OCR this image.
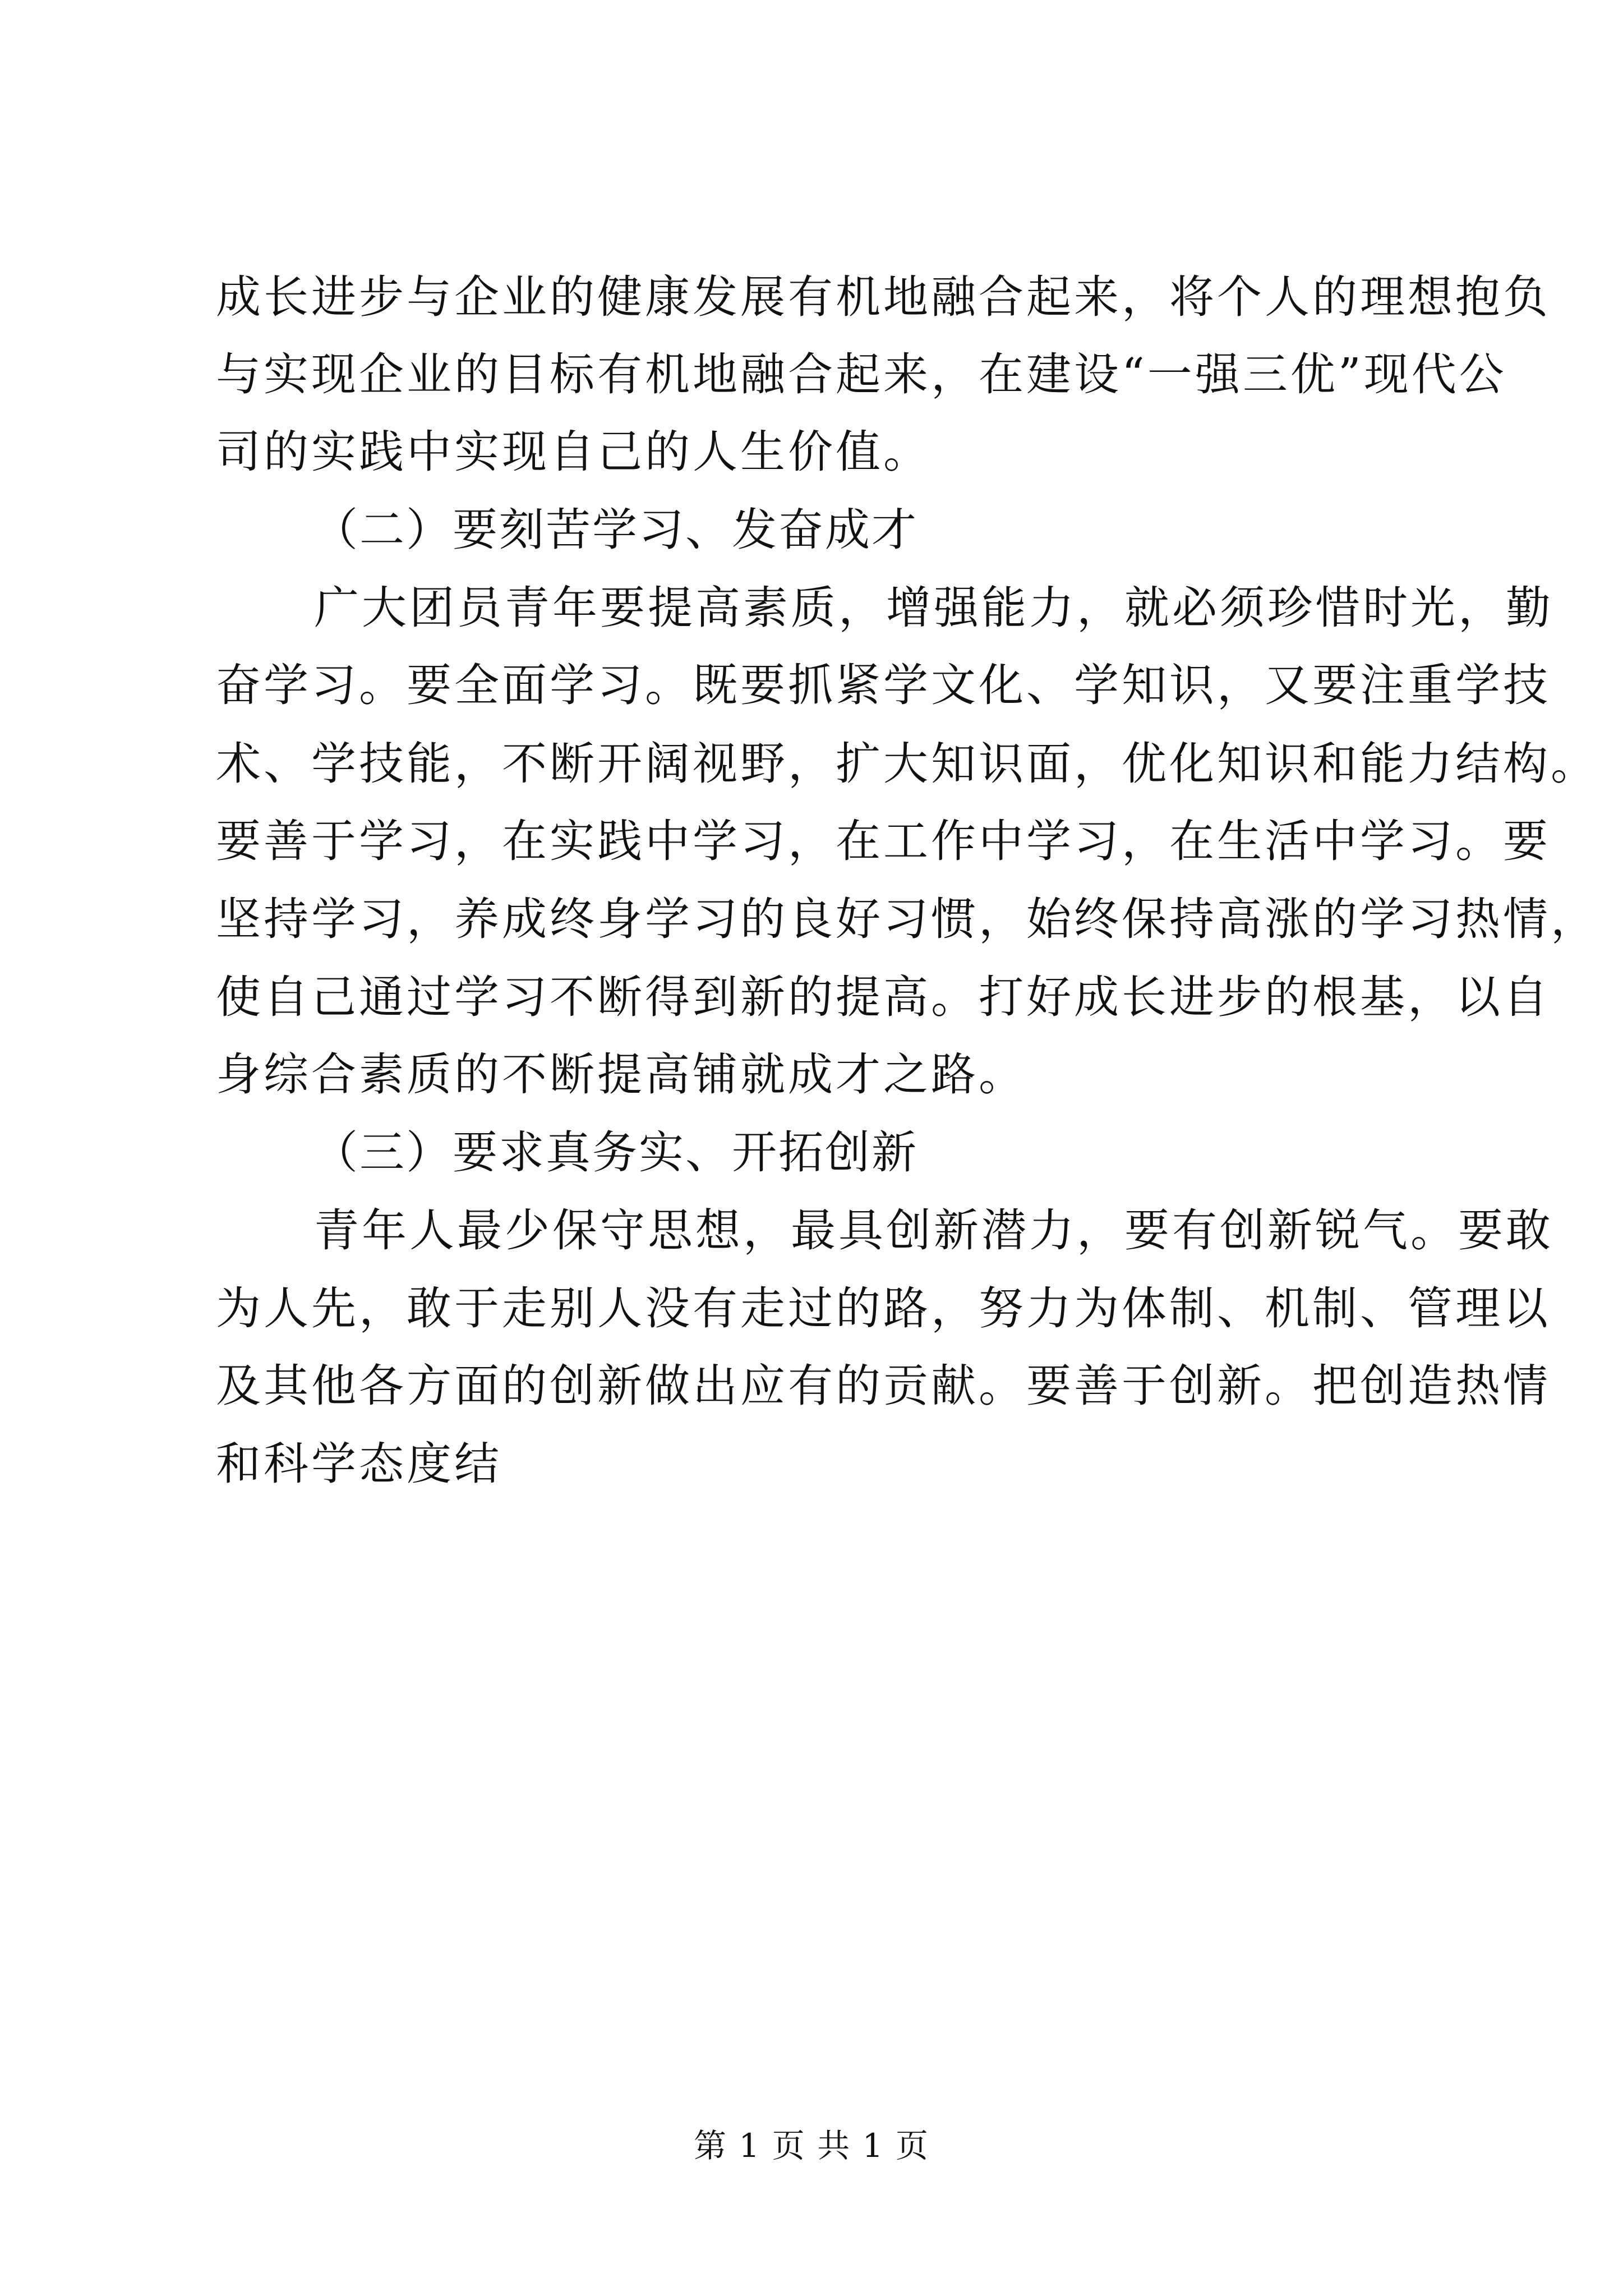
成长进步与企业的健康发展有机地融合起来，将个人的理想抱负
与实现企业的目标有机地融合起来，在建设“一强三优”现代公
司的实践中实现自己的人生价值。
（二）要刻苦学习、发奋成才
广大团员青年要提高素质，增强能力，就必须珍惜时光，勤
奋学习。要全面学习。既要抓紧学文化、学知识，又要注重学技
术、学技能，不断开阔视野，扩大知识面，优化知识和能力结构。
要善于学习，在实践中学习，在工作中学习，在生活中学习。要
坚持学习，养成终身学习的良好习惯，始终保持高涨的学习热情，
使自己通过学习不断得到新的提高。打好成长进步的根基，以自
身综合素质的不断提高铺就成才之路。
（三）要求真务实、开拓创新
青年人最少保守思想，最具创新潜力，要有创新锐气。要敢
为人先，敢于走别人没有走过的路，努力为体制、机制、管理以
及其他各方面的创新做出应有的贡献。要善于创新。把创造热情
和科学态度结
第 1 页 共 1 页
